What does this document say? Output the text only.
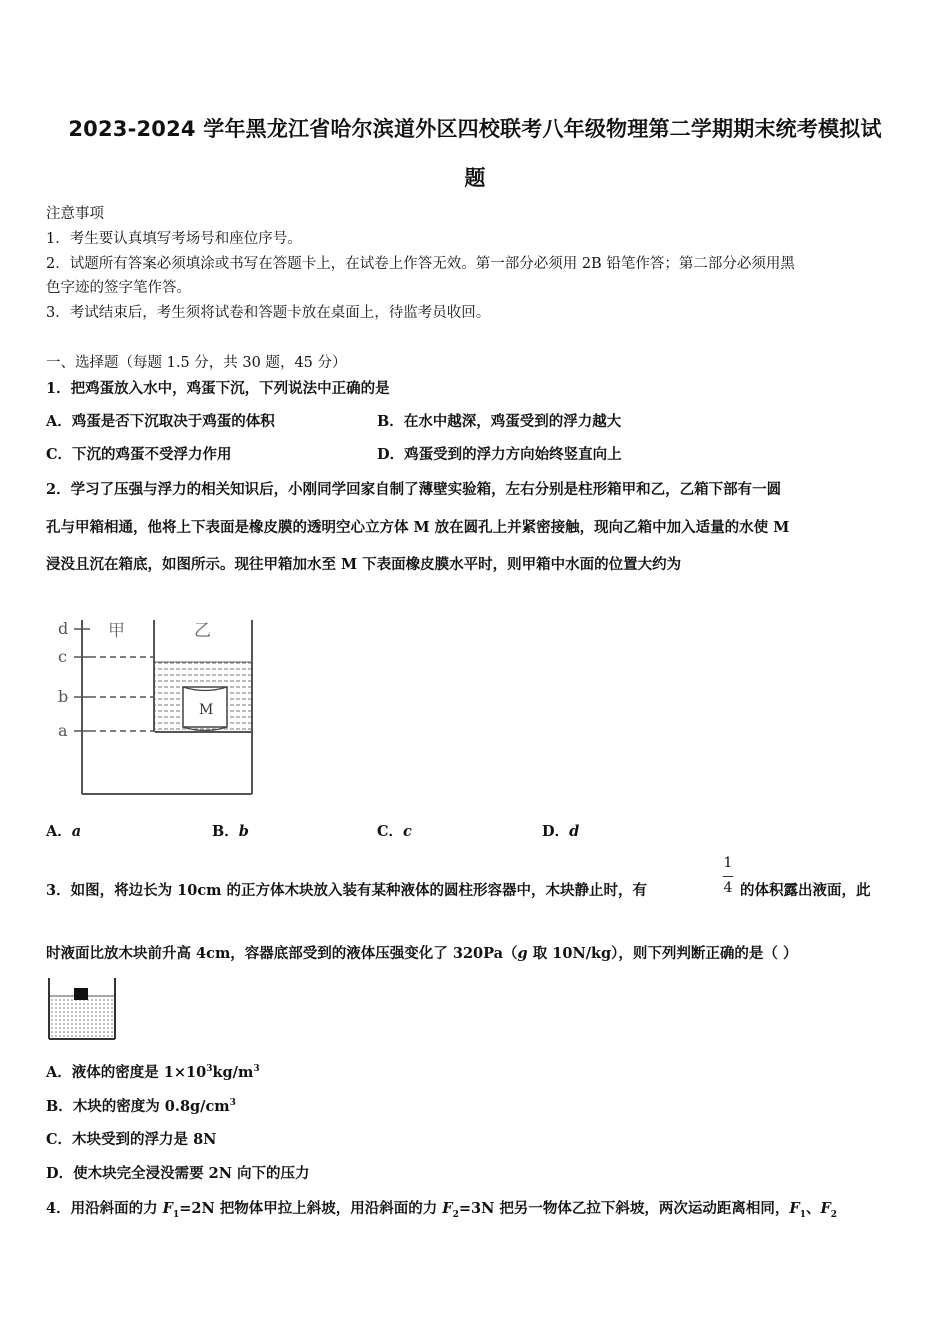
2023-2024 学年黑龙江省哈尔滨道外区四校联考八年级物理第二学期期末统考模拟试
题
注意事项
1．考生要认真填写考场号和座位序号。
2．试题所有答案必须填涂或书写在答题卡上，在试卷上作答无效。第一部分必须用 2B 铅笔作答；第二部分必须用黑
色字迹的签字笔作答。
3．考试结束后，考生须将试卷和答题卡放在桌面上，待监考员收回。
一、选择题（每题 1.5 分，共 30 题，45 分）
1．把鸡蛋放入水中，鸡蛋下沉，下列说法中正确的是
A．鸡蛋是否下沉取决于鸡蛋的体积	B．在水中越深，鸡蛋受到的浮力越大
C．下沉的鸡蛋不受浮力作用	D．鸡蛋受到的浮力方向始终竖直向上
2．学习了压强与浮力的相关知识后，小刚同学回家自制了薄壁实验箱，左右分别是柱形箱甲和乙，乙箱下部有一圆
孔与甲箱相通，他将上下表面是橡皮膜的透明空心立方体 M 放在圆孔上并紧密接触，现向乙箱中加入适量的水使 M
浸没且沉在箱底，如图所示。现往甲箱加水至 M 下表面橡皮膜水平时，则甲箱中水面的位置大约为
M
d
c
b
a
甲	乙
A．a	B．b	C．c	D．d
3．如图，将边长为 10cm 的正方体木块放入装有某种液体的圆柱形容器中，木块静止时，有
1
4 的体积露出液面，此
时液面比放木块前升高 4cm，容器底部受到的液体压强变化了 320Pa（g 取 10N/kg），则下列判断正确的是（ ）
A．液体的密度是 $1\times 10^3kg/m^3$
B．木块的密度为 $0.8g/cm^3$
C．木块受到的浮力是 8N
D．使木块完全浸没需要 2N 向下的压力
4．用沿斜面的力 $F_1=2N$ 把物体甲拉上斜坡，用沿斜面的力 $F_2=3N$ 把另一物体乙拉下斜坡，两次运动距离相同，$F_1$、$F_2$
